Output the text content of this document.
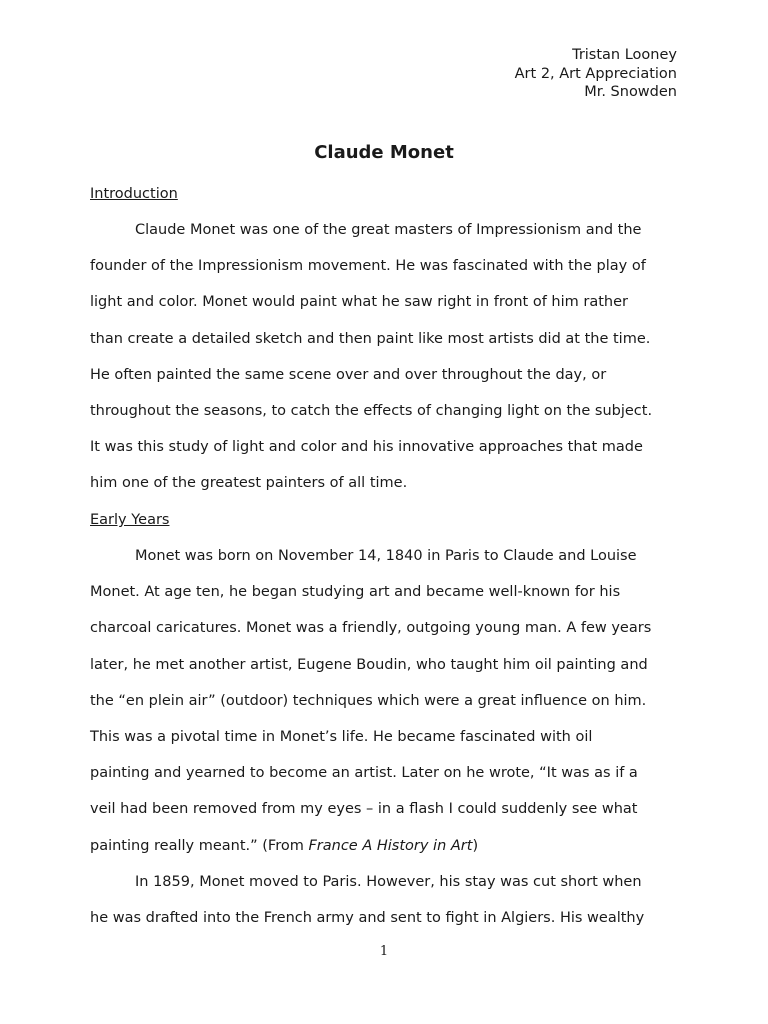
Tristan Looney
Art 2, Art Appreciation
Mr. Snowden
Claude Monet
Introduction

Claude Monet was one of the great masters of Impressionism and the
founder of the Impressionism movement. He was fascinated with the play of
light and color. Monet would paint what he saw right in front of him rather
than create a detailed sketch and then paint like most artists did at the time.
He often painted the same scene over and over throughout the day, or
throughout the seasons, to catch the effects of changing light on the subject.
It was this study of light and color and his innovative approaches that made
him one of the greatest painters of all time.

Early Years

Monet was born on November 14, 1840 in Paris to Claude and Louise
Monet. At age ten, he began studying art and became well-known for his
charcoal caricatures. Monet was a friendly, outgoing young man. A few years
later, he met another artist, Eugene Boudin, who taught him oil painting and
the “en plein air” (outdoor) techniques which were a great influence on him.
This was a pivotal time in Monet’s life. He became fascinated with oil
painting and yearned to become an artist. Later on he wrote, “It was as if a
veil had been removed from my eyes – in a flash I could suddenly see what
painting really meant.” (From France A History in Art)

In 1859, Monet moved to Paris. However, his stay was cut short when
he was drafted into the French army and sent to fight in Algiers. His wealthy

1
